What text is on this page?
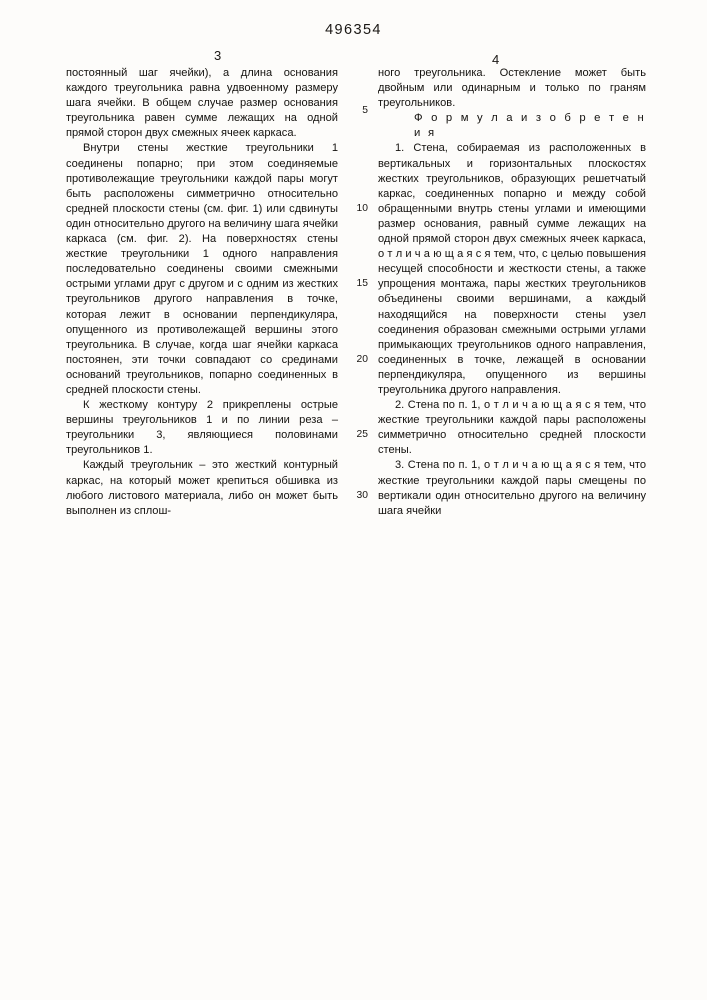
496354
3	4

постоянный шаг ячейки), а длина основания каждого треугольника равна удвоенному размеру шага ячейки. В общем случае размер основания треугольника равен сумме лежащих на одной прямой сторон двух смежных ячеек каркаса.

Внутри стены жесткие треугольники 1 соединены попарно; при этом соединяемые противолежащие треугольники каждой пары могут быть расположены симметрично относительно средней плоскости стены (см. фиг. 1) или сдвинуты один относительно другого на величину шага ячейки каркаса (см. фиг. 2). На поверхностях стены жесткие треугольники 1 одного направления последовательно соединены своими смежными острыми углами друг с другом и с одним из жестких треугольников другого направления в точке, которая лежит в основании перпендикуляра, опущенного из противолежащей вершины этого треугольника. В случае, когда шаг ячейки каркаса постоянен, эти точки совпадают со срединами оснований треугольников, попарно соединенных в средней плоскости стены.

К жесткому контуру 2 прикреплены острые вершины треугольников 1 и по линии реза – треугольники 3, являющиеся половинами треугольников 1.

Каждый треугольник – это жесткий контурный каркас, на который может крепиться обшивка из любого листового материала, либо он может быть выполнен из сплош-

5
10
15
20
25
30

ного треугольника. Остекление может быть двойным или одинарным и только по граням треугольников.

Ф о р м у л а и з о б р е т е н и я

1. Стена, собираемая из расположенных в вертикальных и горизонтальных плоскостях жестких треугольников, образующих решетчатый каркас, соединенных попарно и между собой обращенными внутрь стены углами и имеющими размер основания, равный сумме лежащих на одной прямой сторон двух смежных ячеек каркаса, о т л и ч а ю щ а я с я тем, что, с целью повышения несущей способности и жесткости стены, а также упрощения монтажа, пары жестких треугольников объединены своими вершинами, а каждый находящийся на поверхности стены узел соединения образован смежными острыми углами примыкающих треугольников одного направления, соединенных в точке, лежащей в основании перпендикуляра, опущенного из вершины треугольника другого направления.

2. Стена по п. 1, о т л и ч а ю щ а я с я тем, что жесткие треугольники каждой пары расположены симметрично относительно средней плоскости стены.

3. Стена по п. 1, о т л и ч а ю щ а я с я тем, что жесткие треугольники каждой пары смещены по вертикали один относительно другого на величину шага ячейки
